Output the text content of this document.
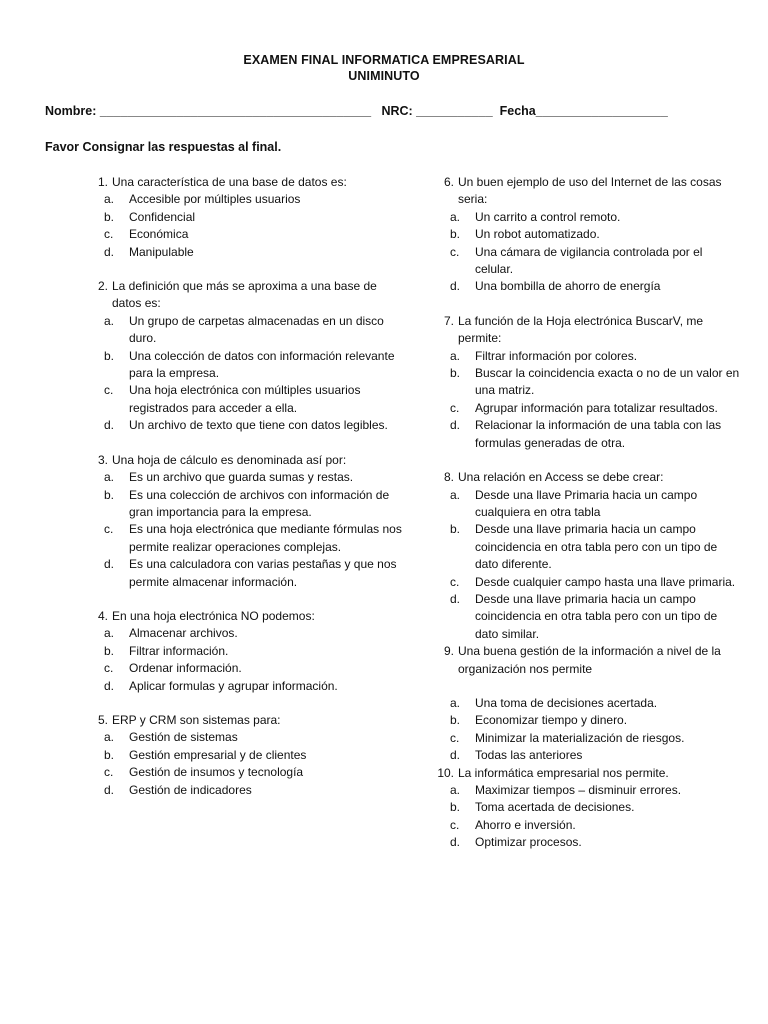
EXAMEN FINAL INFORMATICA EMPRESARIAL
UNIMINUTO
Nombre: _______________________________________ NRC: ___________ Fecha___________________
Favor Consignar las respuestas al final.
1. Una característica de una base de datos es:
a. Accesible por múltiples usuarios
b. Confidencial
c. Económica
d. Manipulable
2. La definición que más se aproxima a una base de datos es:
a. Un grupo de carpetas almacenadas en un disco duro.
b. Una colección de datos con información relevante para la empresa.
c. Una hoja electrónica con múltiples usuarios registrados para acceder a ella.
d. Un archivo de texto que tiene con datos legibles.
3. Una hoja de cálculo es denominada así por:
a. Es un archivo que guarda sumas y restas.
b. Es una colección de archivos con información de gran importancia para la empresa.
c. Es una hoja electrónica que mediante fórmulas nos permite realizar operaciones complejas.
d. Es una calculadora con varias pestañas y que nos permite almacenar información.
4. En una hoja electrónica NO podemos:
a. Almacenar archivos.
b. Filtrar información.
c. Ordenar información.
d. Aplicar formulas y agrupar información.
5. ERP y CRM son sistemas para:
a. Gestión de sistemas
b. Gestión empresarial y de clientes
c. Gestión de insumos y tecnología
d. Gestión de indicadores
6. Un buen ejemplo de uso del Internet de las cosas seria:
a. Un carrito a control remoto.
b. Un robot automatizado.
c. Una cámara de vigilancia controlada por el celular.
d. Una bombilla de ahorro de energía
7. La función de la Hoja electrónica BuscarV, me permite:
a. Filtrar información por colores.
b. Buscar la coincidencia exacta o no de un valor en una matriz.
c. Agrupar información para totalizar resultados.
d. Relacionar la información de una tabla con las formulas generadas de otra.
8. Una relación en Access se debe crear:
a. Desde una llave Primaria hacia un campo cualquiera en otra tabla
b. Desde una llave primaria hacia un campo coincidencia en otra tabla pero con un tipo de dato diferente.
c. Desde cualquier campo hasta una llave primaria.
d. Desde una llave primaria hacia un campo coincidencia en otra tabla pero con un tipo de dato similar.
9. Una buena gestión de la información a nivel de la organización nos permite
a. Una toma de decisiones acertada.
b. Economizar tiempo y dinero.
c. Minimizar la materialización de riesgos.
d. Todas las anteriores
10. La informática empresarial nos permite.
a. Maximizar tiempos – disminuir errores.
b. Toma acertada de decisiones.
c. Ahorro e inversión.
d. Optimizar procesos.
